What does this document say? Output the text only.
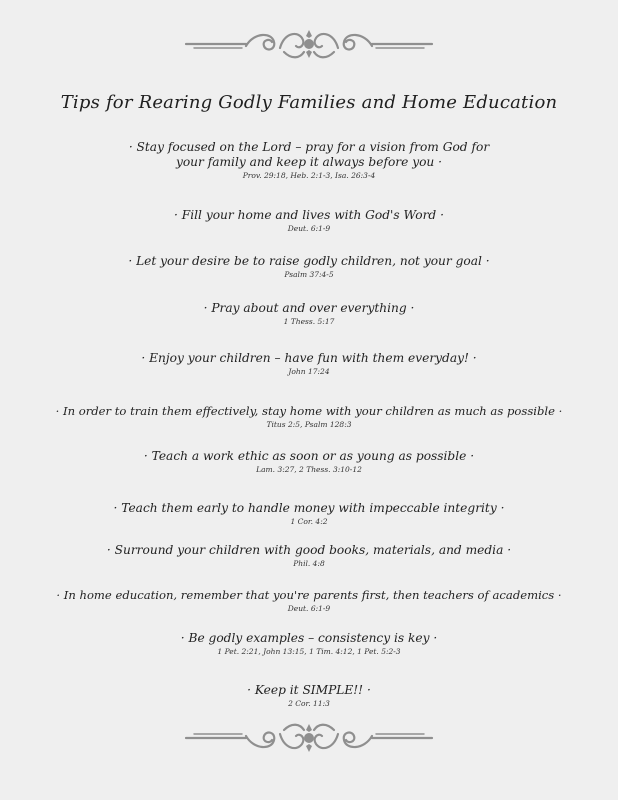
Tips for Rearing Godly Families and Home Education
· Stay focused on the Lord – pray for a vision from God for
your family and keep it always before you ·
Prov. 29:18, Heb. 2:1-3, Isa. 26:3-4
· Fill your home and lives with God's Word ·
Deut. 6:1-9
· Let your desire be to raise godly children, not your goal ·
Psalm 37:4-5
· Pray about and over everything ·
1 Thess. 5:17
· Enjoy your children – have fun with them everyday! ·
John 17:24
· In order to train them effectively, stay home with your children as much as possible ·
Titus 2:5, Psalm 128:3
· Teach a work ethic as soon or as young as possible ·
Lam. 3:27, 2 Thess. 3:10-12
· Teach them early to handle money with impeccable integrity ·
1 Cor. 4:2
· Surround your children with good books, materials, and media ·
Phil. 4:8
· In home education, remember that you're parents first, then teachers of academics ·
Deut. 6:1-9
· Be godly examples – consistency is key ·
1 Pet. 2:21, John 13:15, 1 Tim. 4:12, 1 Pet. 5:2-3
· Keep it SIMPLE!! ·
2 Cor. 11:3
